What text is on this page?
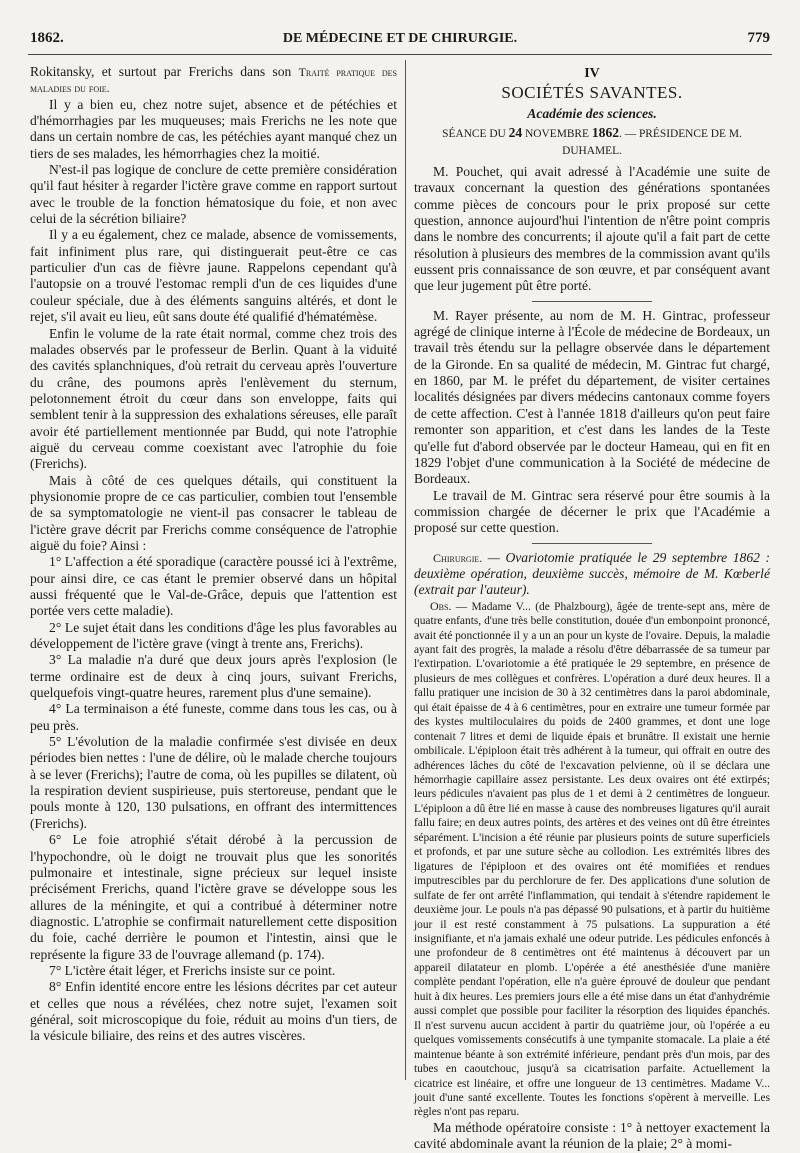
1862.	DE MÉDECINE ET DE CHIRURGIE.	779

Rokitansky, et surtout par Frerichs dans son Traité pratique des maladies du foie.

Il y a bien eu, chez notre sujet, absence et de pétéchies et d'hémorrhagies par les muqueuses; mais Frerichs ne les note que dans un certain nombre de cas, les pétéchies ayant manqué chez un tiers de ses malades, les hémorrhagies chez la moitié.

N'est-il pas logique de conclure de cette première considération qu'il faut hésiter à regarder l'ictère grave comme en rapport surtout avec le trouble de la fonction hématosique du foie, et non avec celui de la sécrétion biliaire?

Il y a eu également, chez ce malade, absence de vomissements, fait infiniment plus rare, qui distinguerait peut-être ce cas particulier d'un cas de fièvre jaune. Rappelons cependant qu'à l'autopsie on a trouvé l'estomac rempli d'un de ces liquides d'une couleur spéciale, due à des éléments sanguins altérés, et dont le rejet, s'il avait eu lieu, eût sans doute été qualifié d'hématémèse.

Enfin le volume de la rate était normal, comme chez trois des malades observés par le professeur de Berlin. Quant à la viduité des cavités splanchniques, d'où retrait du cerveau après l'ouverture du crâne, des poumons après l'enlèvement du sternum, pelotonnement étroit du cœur dans son enveloppe, faits qui semblent tenir à la suppression des exhalations séreuses, elle paraît avoir été partiellement mentionnée par Budd, qui note l'atrophie aiguë du cerveau comme coexistant avec l'atrophie du foie (Frerichs).

Mais à côté de ces quelques détails, qui constituent la physionomie propre de ce cas particulier, combien tout l'ensemble de sa symptomatologie ne vient-il pas consacrer le tableau de l'ictère grave décrit par Frerichs comme conséquence de l'atrophie aiguë du foie? Ainsi :

1° L'affection a été sporadique (caractère poussé ici à l'extrême, pour ainsi dire, ce cas étant le premier observé dans un hôpital aussi fréquenté que le Val-de-Grâce, depuis que l'attention est portée vers cette maladie).

2° Le sujet était dans les conditions d'âge les plus favorables au développement de l'ictère grave (vingt à trente ans, Frerichs).

3° La maladie n'a duré que deux jours après l'explosion (le terme ordinaire est de deux à cinq jours, suivant Frerichs, quelquefois vingt-quatre heures, rarement plus d'une semaine).

4° La terminaison a été funeste, comme dans tous les cas, ou à peu près.

5° L'évolution de la maladie confirmée s'est divisée en deux périodes bien nettes : l'une de délire, où le malade cherche toujours à se lever (Frerichs); l'autre de coma, où les pupilles se dilatent, où la respiration devient suspirieuse, puis stertoreuse, pendant que le pouls monte à 120, 130 pulsations, en offrant des intermittences (Frerichs).

6° Le foie atrophié s'était dérobé à la percussion de l'hypochondre, où le doigt ne trouvait plus que les sonorités pulmonaire et intestinale, signe précieux sur lequel insiste précisément Frerichs, quand l'ictère grave se développe sous les allures de la méningite, et qui a contribué à déterminer notre diagnostic. L'atrophie se confirmait naturellement cette disposition du foie, caché derrière le poumon et l'intestin, ainsi que le représente la figure 33 de l'ouvrage allemand (p. 174).

7° L'ictère était léger, et Frerichs insiste sur ce point.

8° Enfin identité encore entre les lésions décrites par cet auteur et celles que nous a révélées, chez notre sujet, l'examen soit général, soit microscopique du foie, réduit au moins d'un tiers, de la vésicule biliaire, des reins et des autres viscères.

IV
SOCIÉTÉS SAVANTES.
Académie des sciences.
SÉANCE DU 24 NOVEMBRE 1862. — PRÉSIDENCE DE M. DUHAMEL.

M. Pouchet, qui avait adressé à l'Académie une suite de travaux concernant la question des générations spontanées comme pièces de concours pour le prix proposé sur cette question, annonce aujourd'hui l'intention de n'être point compris dans le nombre des concurrents; il ajoute qu'il a fait part de cette résolution à plusieurs des membres de la commission avant qu'ils eussent pris connaissance de son œuvre, et par conséquent avant que leur jugement pût être porté.

M. Rayer présente, au nom de M. H. Gintrac, professeur agrégé de clinique interne à l'École de médecine de Bordeaux, un travail très étendu sur la pellagre observée dans le département de la Gironde. En sa qualité de médecin, M. Gintrac fut chargé, en 1860, par M. le préfet du département, de visiter certaines localités désignées par divers médecins cantonaux comme foyers de cette affection. C'est à l'année 1818 d'ailleurs qu'on peut faire remonter son apparition, et c'est dans les landes de la Teste qu'elle fut d'abord observée par le docteur Hameau, qui en fit en 1829 l'objet d'une communication à la Société de médecine de Bordeaux.

Le travail de M. Gintrac sera réservé pour être soumis à la commission chargée de décerner le prix que l'Académie a proposé sur cette question.

Chirurgie. — Ovariotomie pratiquée le 29 septembre 1862 : deuxième opération, deuxième succès, mémoire de M. Kœberlé (extrait par l'auteur).

Obs. — Madame V... (de Phalzbourg), âgée de trente-sept ans, mère de quatre enfants, d'une très belle constitution, douée d'un embonpoint prononcé, avait été ponctionnée il y a un an pour un kyste de l'ovaire. Depuis, la maladie ayant fait des progrès, la malade a résolu d'être débarrassée de sa tumeur par l'extirpation. L'ovariotomie a été pratiquée le 29 septembre, en présence de plusieurs de mes collègues et confrères. L'opération a duré deux heures. Il a fallu pratiquer une incision de 30 à 32 centimètres dans la paroi abdominale, qui était épaisse de 4 à 6 centimètres, pour en extraire une tumeur formée par des kystes multiloculaires du poids de 2400 grammes, et dont une loge contenait 7 litres et demi de liquide épais et brunâtre. Il existait une hernie ombilicale. L'épiploon était très adhérent à la tumeur, qui offrait en outre des adhérences lâches du côté de l'excavation pelvienne, où il se déclara une hémorrhagie capillaire assez persistante. Les deux ovaires ont été extirpés; leurs pédicules n'avaient pas plus de 1 et demi à 2 centimètres de longueur. L'épiploon a dû être lié en masse à cause des nombreuses ligatures qu'il aurait fallu faire; en deux autres points, des artères et des veines ont dû être étreintes séparément. L'incision a été réunie par plusieurs points de suture superficiels et profonds, et par une suture sèche au collodion. Les extrémités libres des ligatures de l'épiploon et des ovaires ont été momifiées et rendues imputrescibles par du perchlorure de fer. Des applications d'une solution de sulfate de fer ont arrêté l'inflammation, qui tendait à s'étendre rapidement le deuxième jour. Le pouls n'a pas dépassé 90 pulsations, et à partir du huitième jour il est resté constamment à 75 pulsations. La suppuration a été insignifiante, et n'a jamais exhalé une odeur putride. Les pédicules enfoncés à une profondeur de 8 centimètres ont été maintenus à découvert par un appareil dilatateur en plomb. L'opérée a été anesthésiée d'une manière complète pendant l'opération, elle n'a guère éprouvé de douleur que pendant huit à dix heures. Les premiers jours elle a été mise dans un état d'anhydrémie aussi complet que possible pour faciliter la résorption des liquides épanchés. Il n'est survenu aucun accident à partir du quatrième jour, où l'opérée a eu quelques vomissements consécutifs à une tympanite stomacale. La plaie a été maintenue béante à son extrémité inférieure, pendant près d'un mois, par des tubes en caoutchouc, jusqu'à sa cicatrisation parfaite. Actuellement la cicatrice est linéaire, et offre une longueur de 13 centimètres. Madame V... jouit d'une santé excellente. Toutes les fonctions s'opèrent à merveille. Les règles n'ont pas reparu.

Ma méthode opératoire consiste : 1° à nettoyer exactement la cavité abdominale avant la réunion de la plaie; 2° à momi-
